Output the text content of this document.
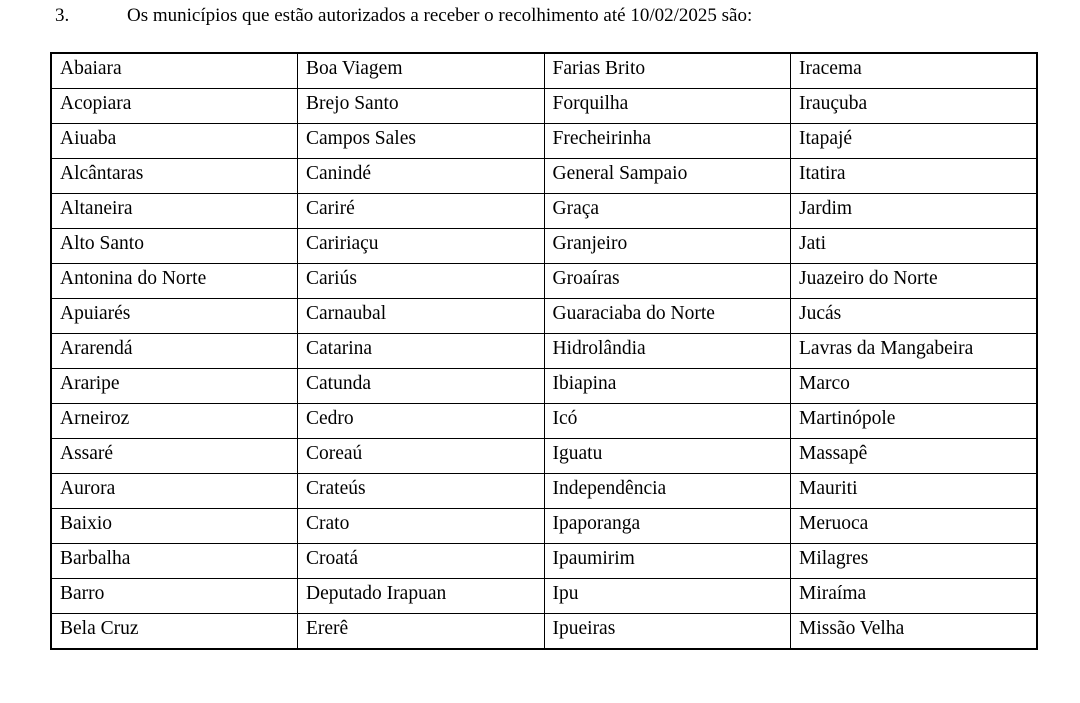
3.	Os municípios que estão autorizados a receber o recolhimento até 10/02/2025 são:
Abaiara	Boa Viagem	Farias Brito	Iracema
Acopiara	Brejo Santo	Forquilha	Irauçuba
Aiuaba	Campos Sales	Frecheirinha	Itapajé
Alcântaras	Canindé	General Sampaio	Itatira
Altaneira	Cariré	Graça	Jardim
Alto Santo	Caririaçu	Granjeiro	Jati
Antonina do Norte	Cariús	Groaíras	Juazeiro do Norte
Apuiarés	Carnaubal	Guaraciaba do Norte	Jucás
Ararendá	Catarina	Hidrolândia	Lavras da Mangabeira
Araripe	Catunda	Ibiapina	Marco
Arneiroz	Cedro	Icó	Martinópole
Assaré	Coreaú	Iguatu	Massapê
Aurora	Crateús	Independência	Mauriti
Baixio	Crato	Ipaporanga	Meruoca
Barbalha	Croatá	Ipaumirim	Milagres
Barro	Deputado Irapuan	Ipu	Miraíma
Bela Cruz	Ererê	Ipueiras	Missão Velha
